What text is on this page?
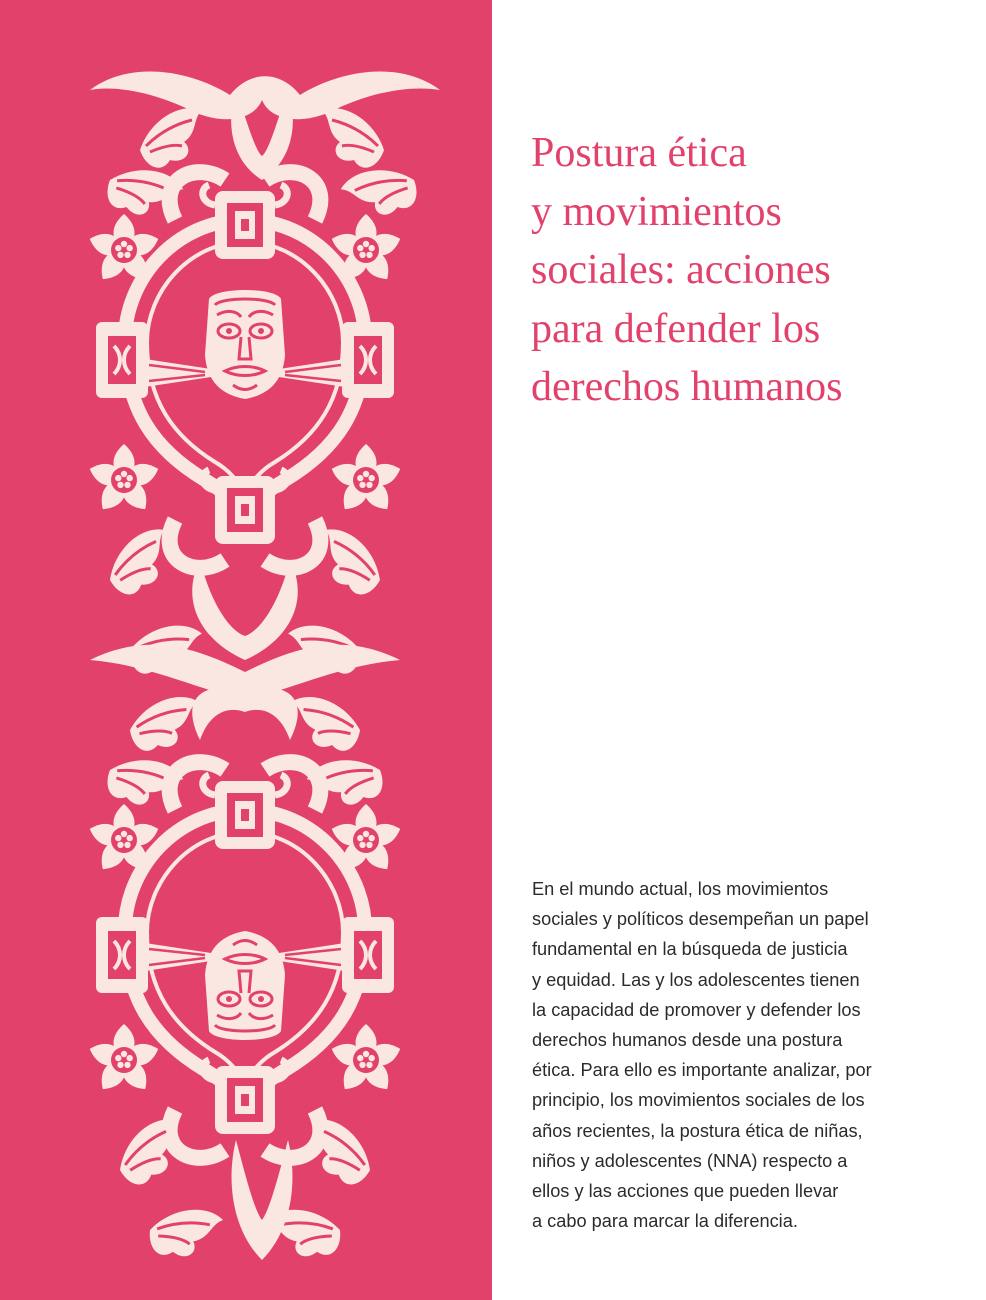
Postura ética
y movimientos
sociales: acciones
para defender los
derechos humanos
En el mundo actual, los movimientos
sociales y políticos desempeñan un papel
fundamental en la búsqueda de justicia
y equidad. Las y los adolescentes tienen
la capacidad de promover y defender los
derechos humanos desde una postura
ética. Para ello es importante analizar, por
principio, los movimientos sociales de los
años recientes, la postura ética de niñas,
niños y adolescentes (NNA) respecto a
ellos y las acciones que pueden llevar
a cabo para marcar la diferencia.
